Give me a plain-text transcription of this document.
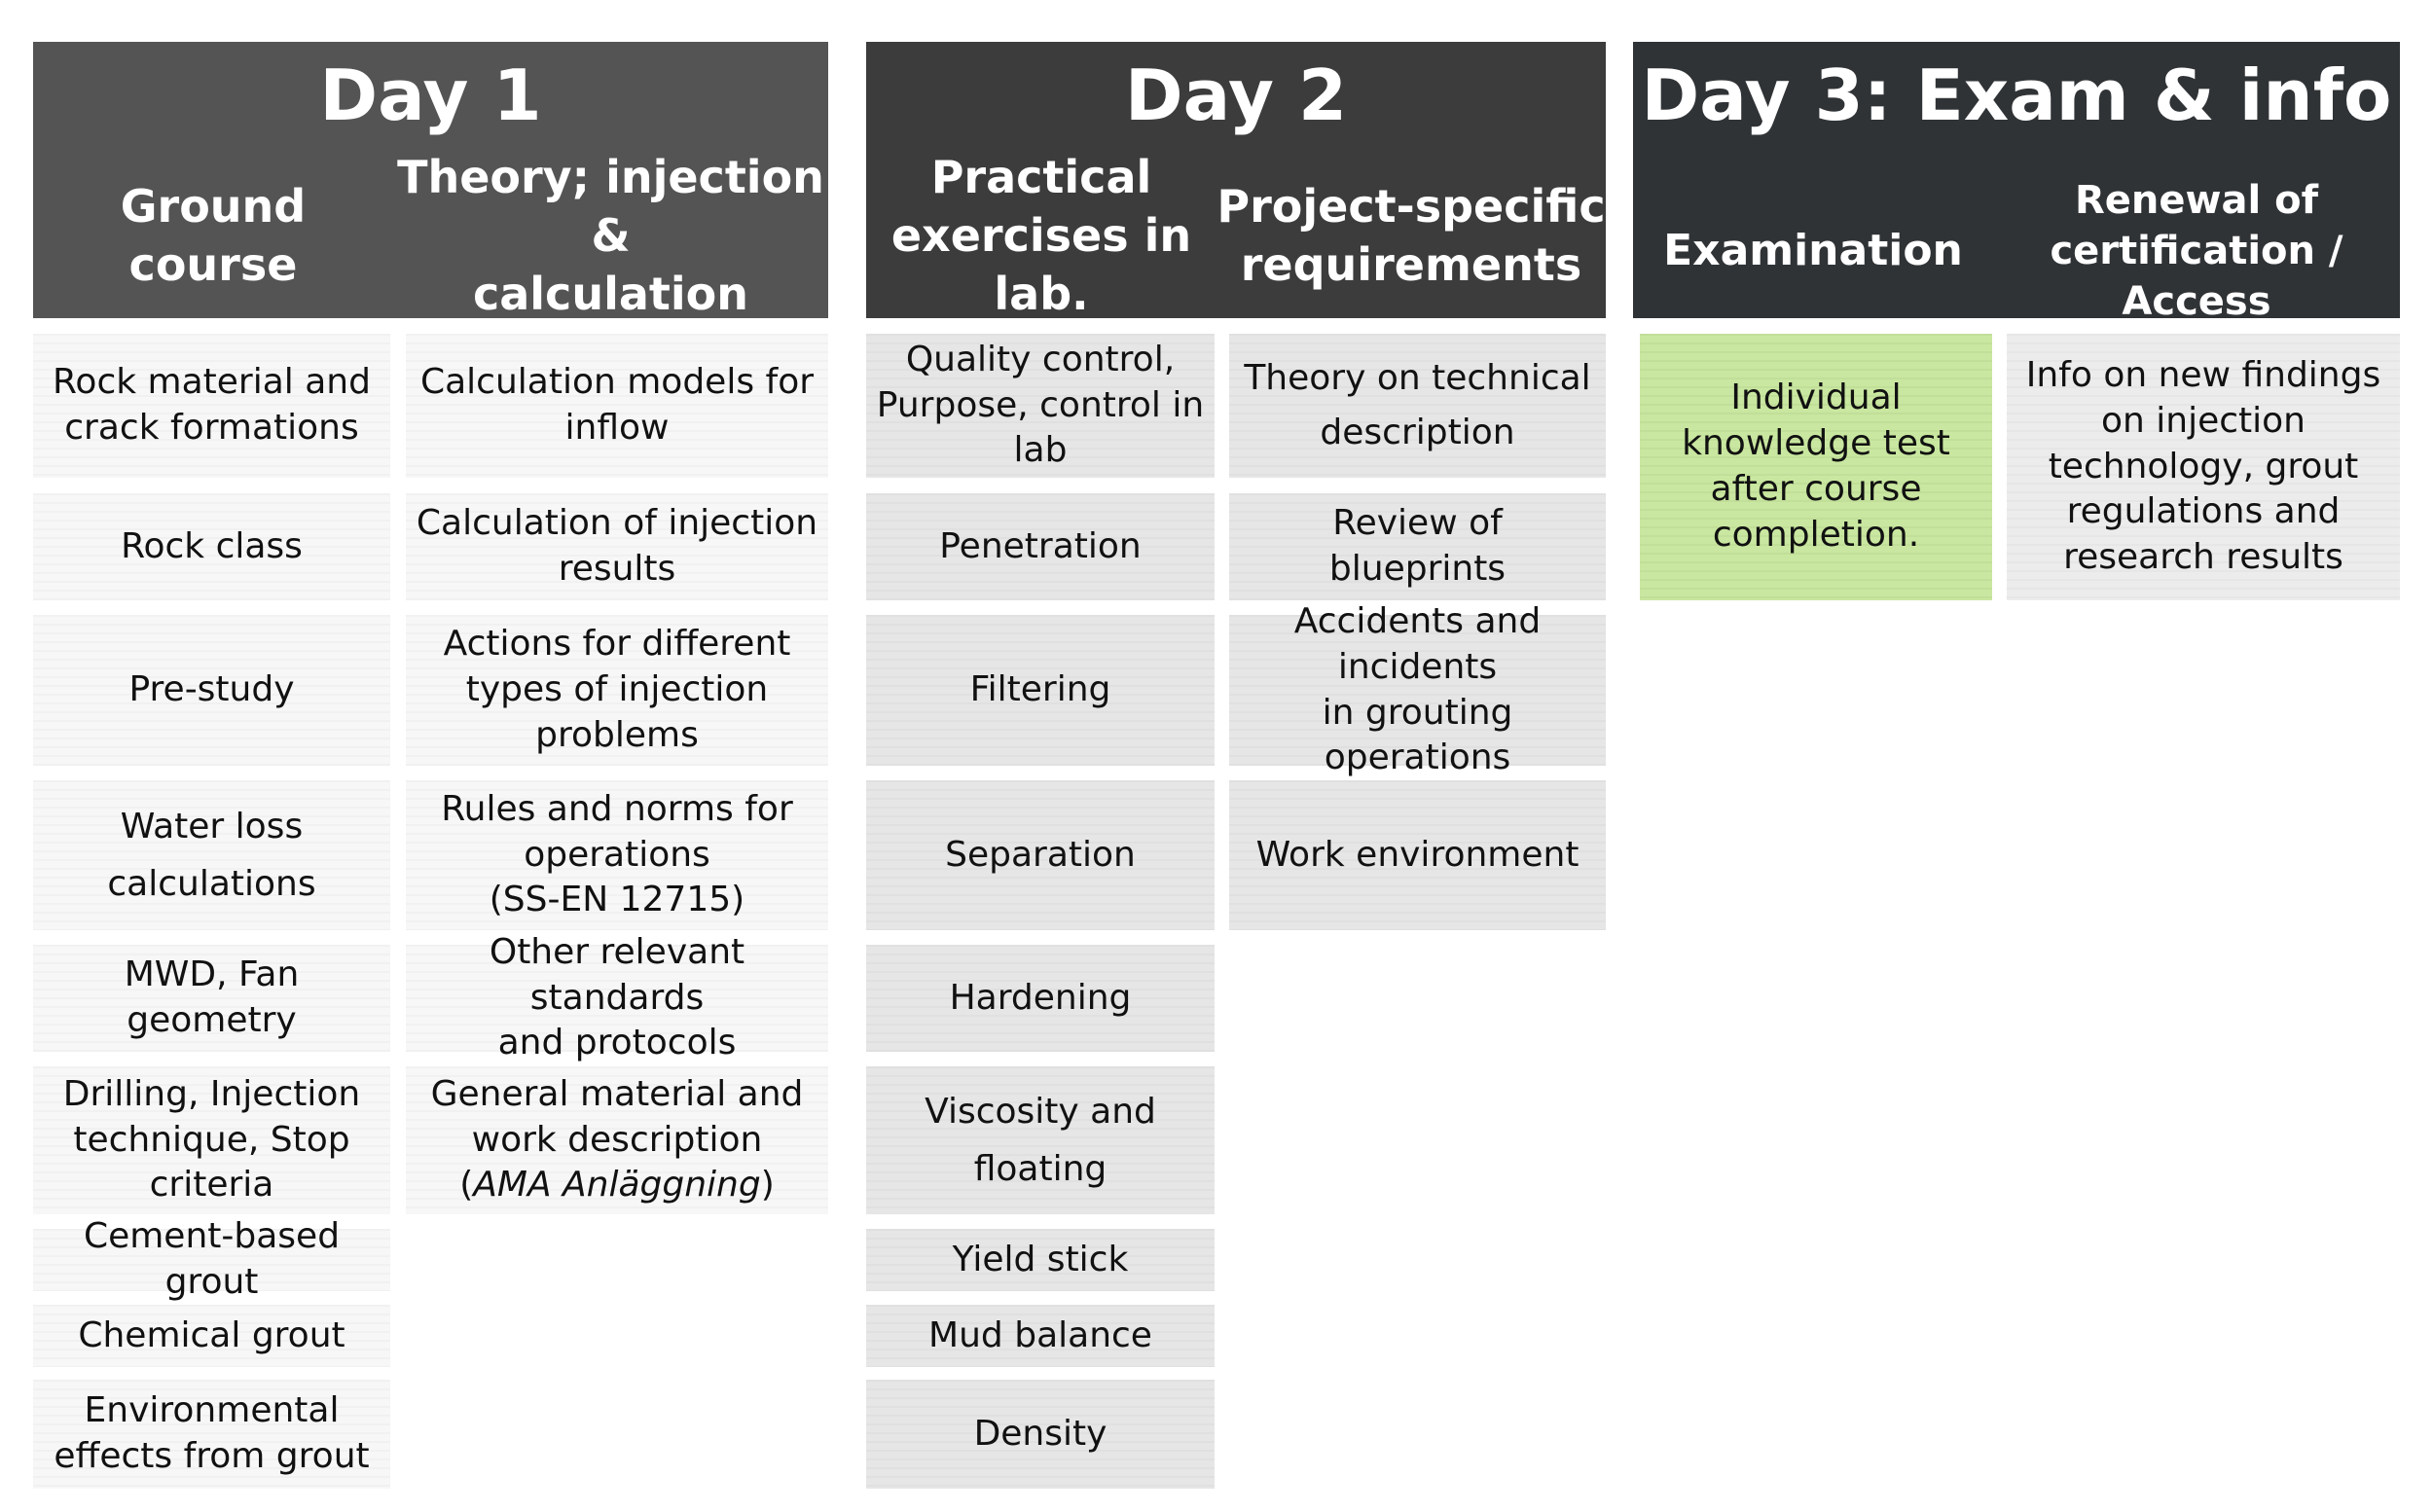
Day 1
Ground
course
Theory; injection &
calculation
Day 2
Practical
exercises in lab.
Project-specific
requirements
Day 3: Exam & info
Examination
Renewal of
certification /
Access
Rock material and
crack formations
Rock class
Pre-study
Water loss
calculations
MWD, Fan geometry
Drilling, Injection
technique, Stop
criteria
Cement-based grout
Chemical grout
Environmental
effects from grout
Calculation models for
inflow
Calculation of injection
results
Actions for different
types of injection
problems
Rules and norms for
operations
(SS-EN 12715)
Other relevant standards
and protocols
General material and
work description
(AMA Anläggning)
Quality control,
Purpose, control in
lab
Penetration
Filtering
Separation
Hardening
Viscosity and
floating
Yield stick
Mud balance
Density
Theory on technical
description
Review of blueprints
Accidents and incidents
in grouting operations
Work environment
Individual
knowledge test
after course
completion.
Info on new findings
on injection
technology, grout
regulations and
research results
